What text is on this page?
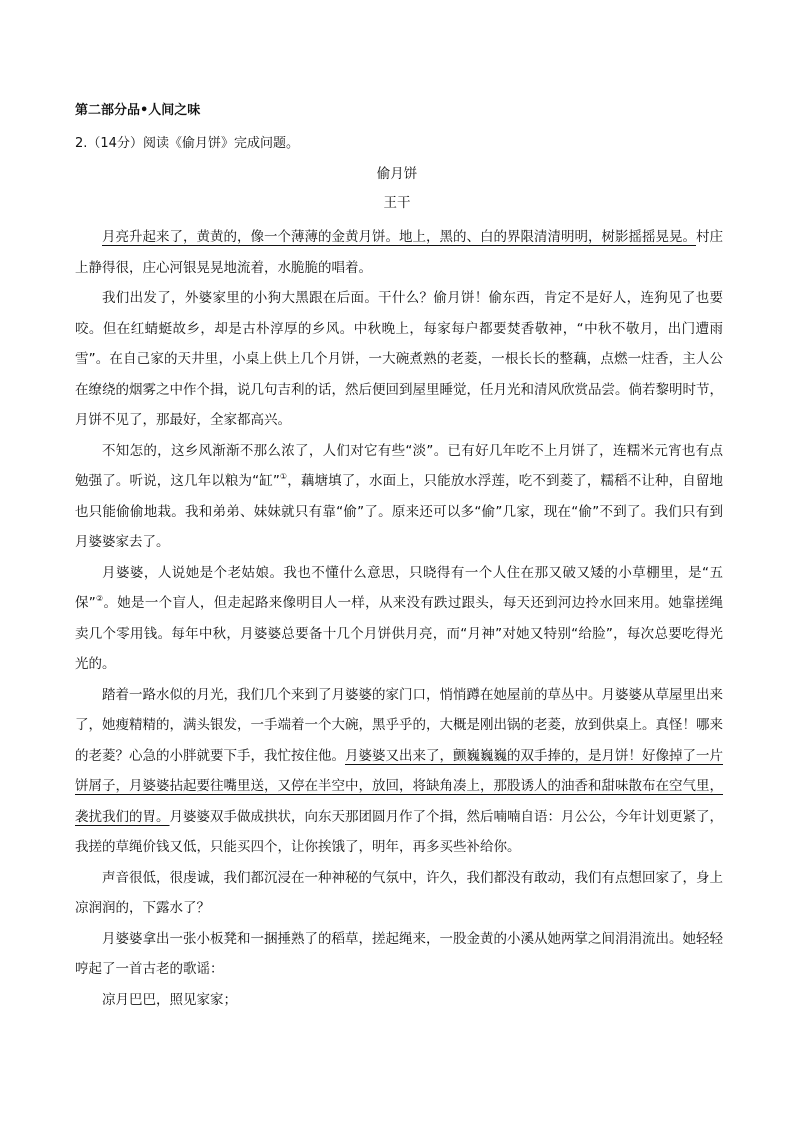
第二部分品•人间之味
2.（14分）阅读《偷月饼》完成问题。
偷月饼
王干

月亮升起来了，黄黄的，像一个薄薄的金黄月饼。地上，黑的、白的界限清清明明，树影摇摇晃晃。村庄上静得很，庄心河银晃晃地流着，水脆脆的唱着。

我们出发了，外婆家里的小狗大黑跟在后面。干什么？偷月饼！偷东西，肯定不是好人，连狗见了也要咬。但在红蜻蜓故乡，却是古朴淳厚的乡风。中秋晚上，每家每户都要焚香敬神，“中秋不敬月，出门遭雨雪”。在自己家的天井里，小桌上供上几个月饼，一大碗煮熟的老菱，一根长长的整藕，点燃一炷香，主人公在缭绕的烟雾之中作个揖，说几句吉利的话，然后便回到屋里睡觉，任月光和清风欣赏品尝。倘若黎明时节，月饼不见了，那最好，全家都高兴。

不知怎的，这乡风渐渐不那么浓了，人们对它有些“淡”。已有好几年吃不上月饼了，连糯米元宵也有点勉强了。听说，这几年以粮为“缸”①，藕塘填了，水面上，只能放水浮莲，吃不到菱了，糯稻不让种，自留地也只能偷偷地栽。我和弟弟、妹妹就只有靠“偷”了。原来还可以多“偷”几家，现在“偷”不到了。我们只有到月婆婆家去了。

月婆婆，人说她是个老姑娘。我也不懂什么意思，只晓得有一个人住在那又破又矮的小草棚里，是“五保”②。她是一个盲人，但走起路来像明目人一样，从来没有跌过跟头，每天还到河边拎水回来用。她靠搓绳卖几个零用钱。每年中秋，月婆婆总要备十几个月饼供月亮，而“月神”对她又特别“给脸”，每次总要吃得光光的。

踏着一路水似的月光，我们几个来到了月婆婆的家门口，悄悄蹲在她屋前的草丛中。月婆婆从草屋里出来了，她瘦精精的，满头银发，一手端着一个大碗，黑乎乎的，大概是刚出锅的老菱，放到供桌上。真怪！哪来的老菱？心急的小胖就要下手，我忙按住他。月婆婆又出来了，颤巍巍巍的双手捧的，是月饼！好像掉了一片饼屑子，月婆婆拈起要往嘴里送，又停在半空中，放回，将缺角凑上，那股诱人的油香和甜味散布在空气里，袭扰我们的胃。月婆婆双手做成拱状，向东天那团圆月作了个揖，然后喃喃自语：月公公，今年计划更紧了，我搓的草绳价钱又低，只能买四个，让你挨饿了，明年，再多买些补给你。

声音很低，很虔诚，我们都沉浸在一种神秘的气氛中，许久，我们都没有敢动，我们有点想回家了，身上凉润润的，下露水了？

月婆婆拿出一张小板凳和一捆捶熟了的稻草，搓起绳来，一股金黄的小溪从她两掌之间涓涓流出。她轻轻哼起了一首古老的歌谣：

凉月巴巴，照见家家；
